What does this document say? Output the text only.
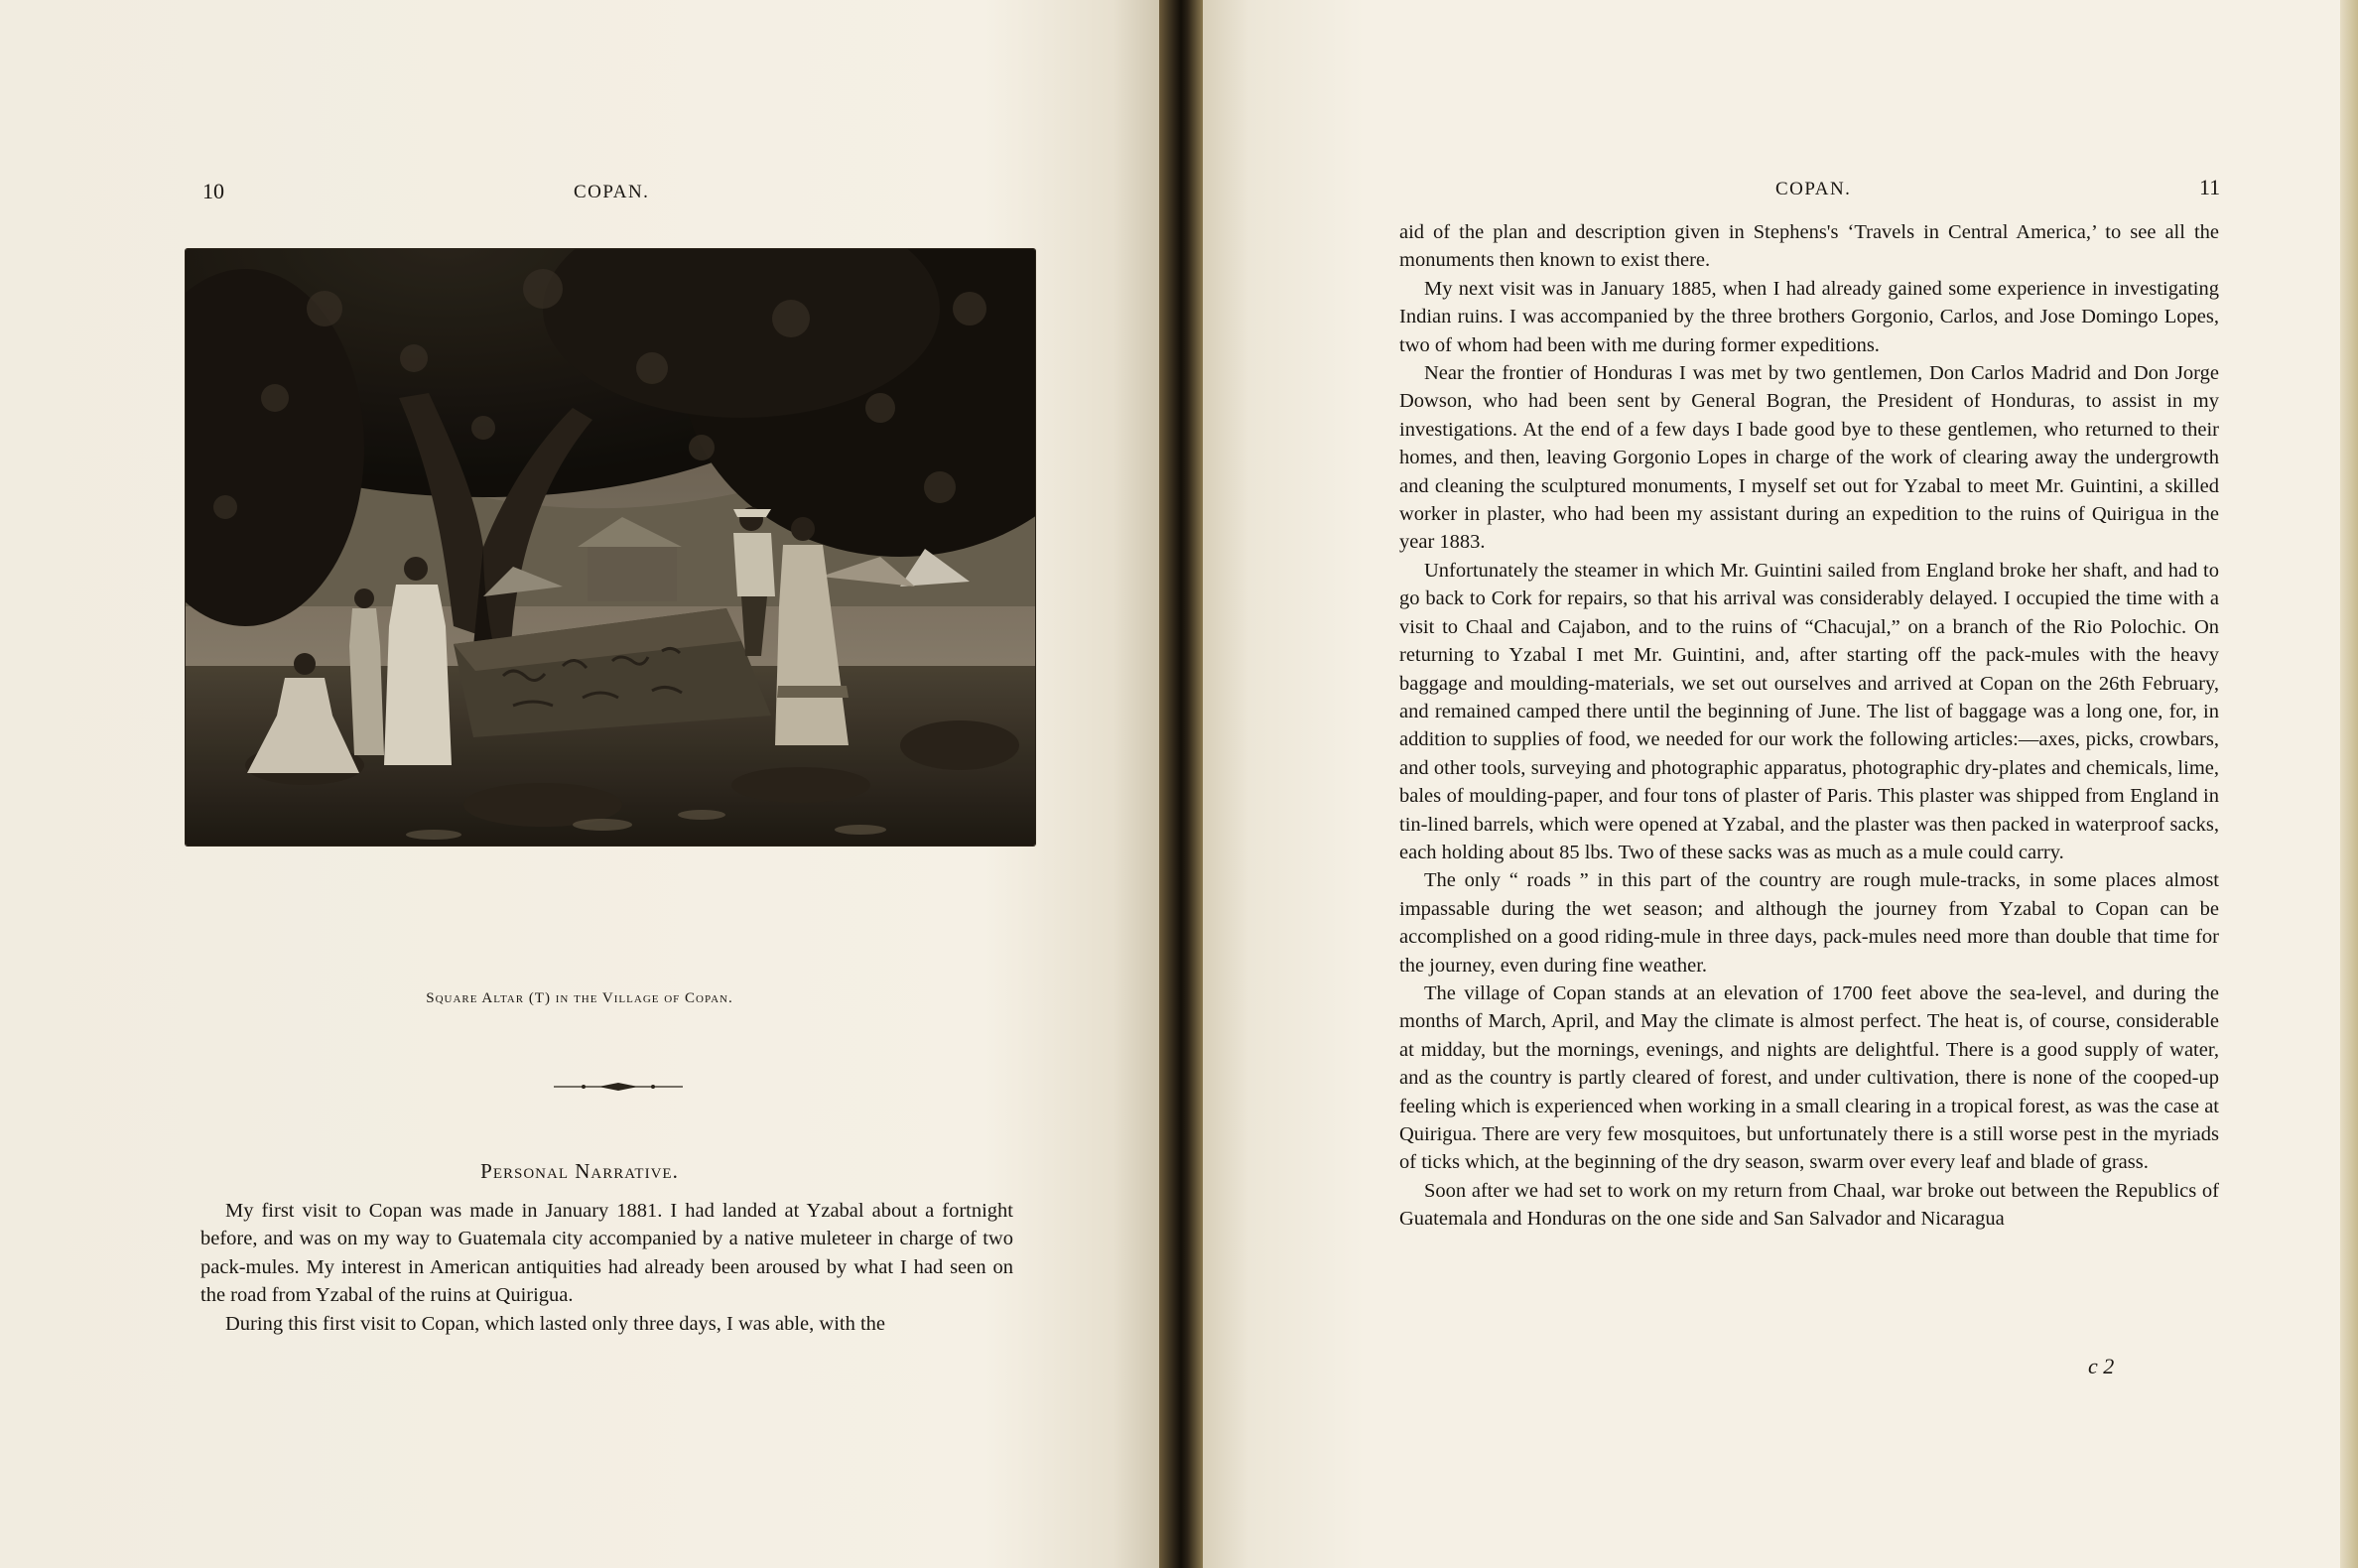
10	COPAN.
Square Altar (T) in the Village of Copan.
Personal Narrative.

My first visit to Copan was made in January 1881. I had landed at Yzabal about a fortnight before, and was on my way to Guatemala city accompanied by a native muleteer in charge of two pack-mules. My interest in American antiquities had already been aroused by what I had seen on the road from Yzabal of the ruins at Quirigua.

During this first visit to Copan, which lasted only three days, I was able, with the

COPAN.	11

aid of the plan and description given in Stephens's ‘Travels in Central America,’ to see all the monuments then known to exist there.

My next visit was in January 1885, when I had already gained some experience in investigating Indian ruins. I was accompanied by the three brothers Gorgonio, Carlos, and Jose Domingo Lopes, two of whom had been with me during former expeditions.

Near the frontier of Honduras I was met by two gentlemen, Don Carlos Madrid and Don Jorge Dowson, who had been sent by General Bogran, the President of Honduras, to assist in my investigations. At the end of a few days I bade good bye to these gentlemen, who returned to their homes, and then, leaving Gorgonio Lopes in charge of the work of clearing away the undergrowth and cleaning the sculptured monuments, I myself set out for Yzabal to meet Mr. Guintini, a skilled worker in plaster, who had been my assistant during an expedition to the ruins of Quirigua in the year 1883.

Unfortunately the steamer in which Mr. Guintini sailed from England broke her shaft, and had to go back to Cork for repairs, so that his arrival was considerably delayed. I occupied the time with a visit to Chaal and Cajabon, and to the ruins of “Chacujal,” on a branch of the Rio Polochic. On returning to Yzabal I met Mr. Guintini, and, after starting off the pack-mules with the heavy baggage and moulding-materials, we set out ourselves and arrived at Copan on the 26th February, and remained camped there until the beginning of June. The list of baggage was a long one, for, in addition to supplies of food, we needed for our work the following articles:—axes, picks, crowbars, and other tools, surveying and photographic apparatus, photographic dry-plates and chemicals, lime, bales of moulding-paper, and four tons of plaster of Paris. This plaster was shipped from England in tin-lined barrels, which were opened at Yzabal, and the plaster was then packed in waterproof sacks, each holding about 85 lbs. Two of these sacks was as much as a mule could carry.

The only “ roads ” in this part of the country are rough mule-tracks, in some places almost impassable during the wet season; and although the journey from Yzabal to Copan can be accomplished on a good riding-mule in three days, pack-mules need more than double that time for the journey, even during fine weather.

The village of Copan stands at an elevation of 1700 feet above the sea-level, and during the months of March, April, and May the climate is almost perfect. The heat is, of course, considerable at midday, but the mornings, evenings, and nights are delightful. There is a good supply of water, and as the country is partly cleared of forest, and under cultivation, there is none of the cooped-up feeling which is experienced when working in a small clearing in a tropical forest, as was the case at Quirigua. There are very few mosquitoes, but unfortunately there is a still worse pest in the myriads of ticks which, at the beginning of the dry season, swarm over every leaf and blade of grass.

Soon after we had set to work on my return from Chaal, war broke out between the Republics of Guatemala and Honduras on the one side and San Salvador and Nicaragua

c 2
